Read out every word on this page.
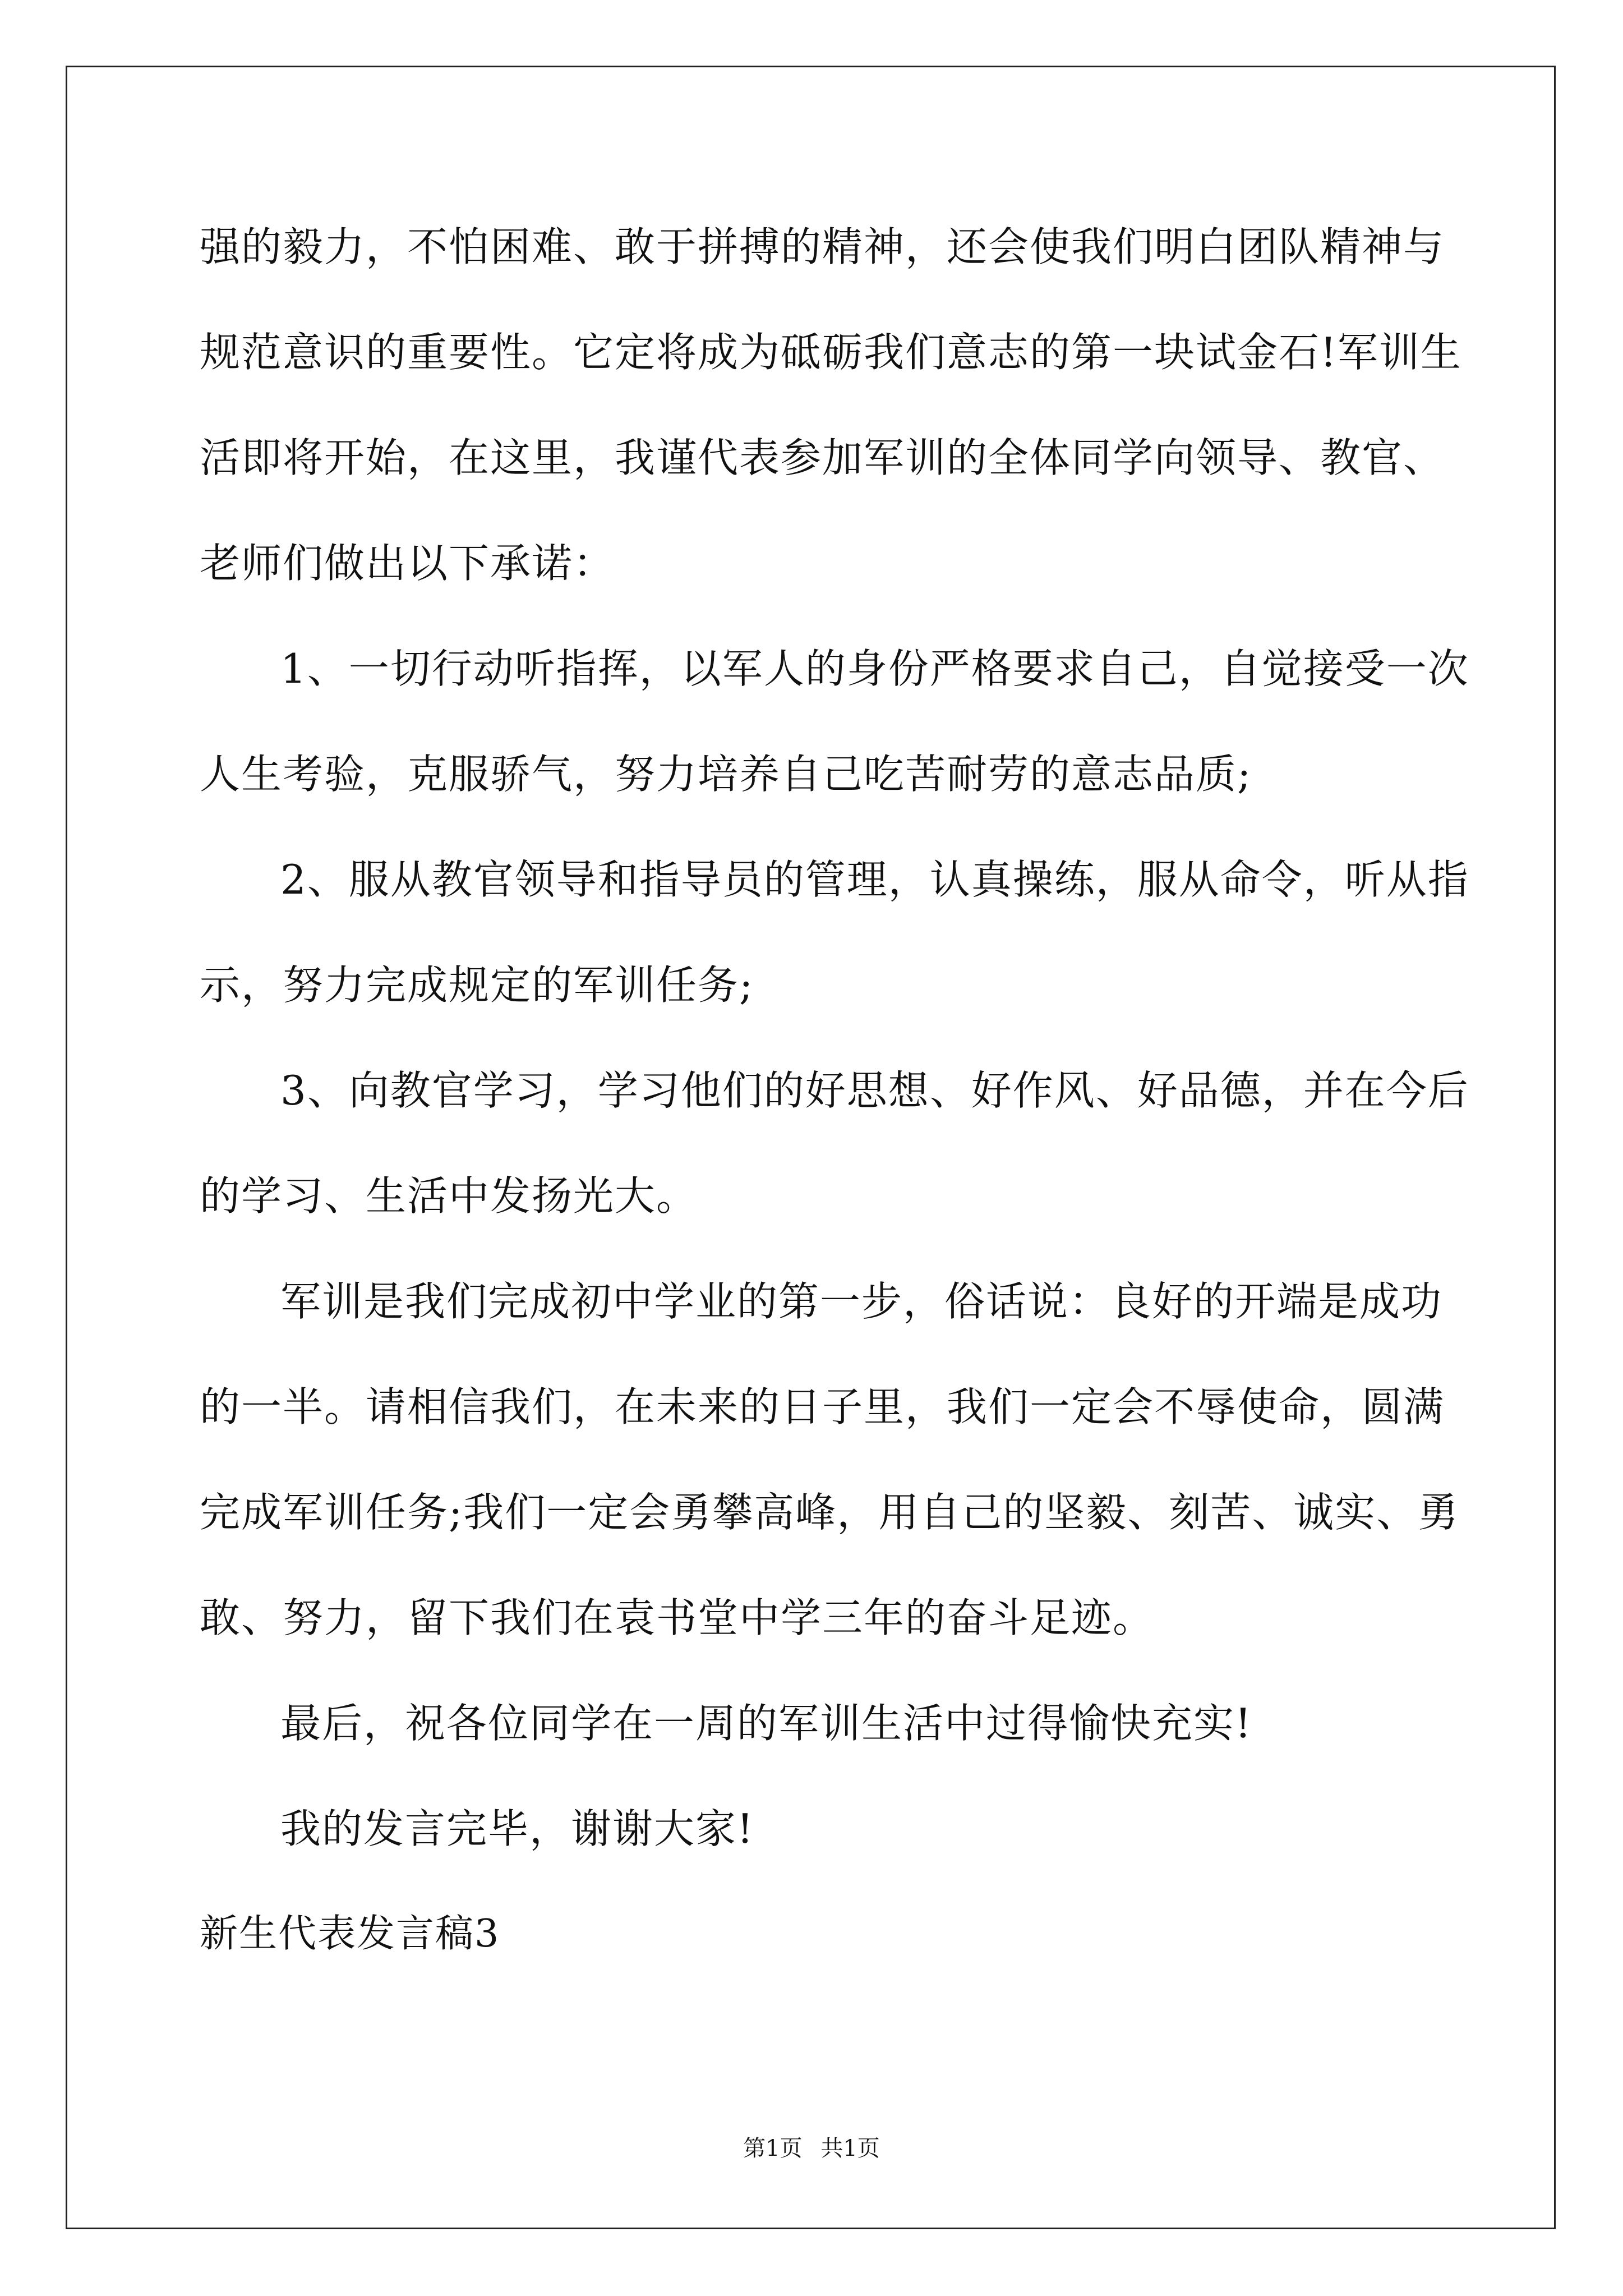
强的毅力，不怕困难、敢于拼搏的精神，还会使我们明白团队精神与
规范意识的重要性。它定将成为砥砺我们意志的第一块试金石!军训生
活即将开始，在这里，我谨代表参加军训的全体同学向领导、教官、
老师们做出以下承诺：
1、一切行动听指挥，以军人的身份严格要求自己，自觉接受一次
人生考验，克服骄气，努力培养自己吃苦耐劳的意志品质;
2、服从教官领导和指导员的管理，认真操练，服从命令，听从指
示，努力完成规定的军训任务;
3、向教官学习，学习他们的好思想、好作风、好品德，并在今后
的学习、生活中发扬光大。
军训是我们完成初中学业的第一步，俗话说：良好的开端是成功
的一半。请相信我们，在未来的日子里，我们一定会不辱使命，圆满
完成军训任务;我们一定会勇攀高峰，用自己的坚毅、刻苦、诚实、勇
敢、努力，留下我们在袁书堂中学三年的奋斗足迹。
最后，祝各位同学在一周的军训生活中过得愉快充实!
我的发言完毕，谢谢大家!
新生代表发言稿3
第1页 共1页
